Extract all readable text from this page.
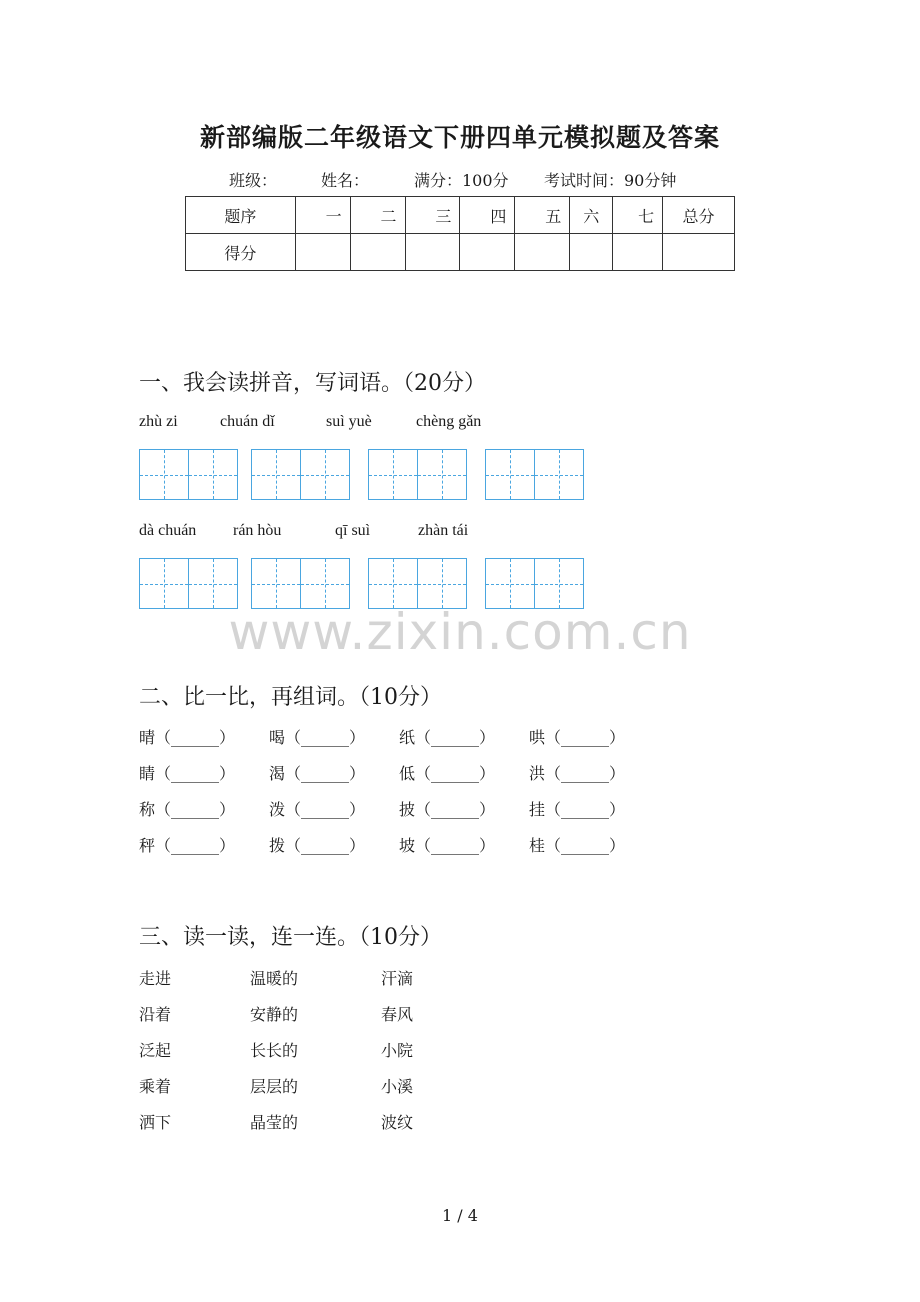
新部编版二年级语文下册四单元模拟题及答案
班级：	姓名：	满分：100分 考试时间：90分钟
题序	一	二	三	四	五	六	七	总分
得分								
一、我会读拼音，写词语。（20分）
zhù zi	chuán dǐ	suì yuè	chèng gǎn
dà chuán rán hòu	qī suì	zhàn tái
www.zixin.com.cn
二、比一比，再组词。（10分）
晴（______） 喝（______） 纸（______） 哄（______）
睛（______） 渴（______） 低（______） 洪（______）
称（______） 泼（______） 披（______） 挂（______）
秤（______） 拨（______） 坡（______） 桂（______）
三、读一读，连一连。（10分）
走进	温暖的	汗滴
沿着	安静的	春风
泛起	长长的	小院
乘着	层层的	小溪
洒下	晶莹的	波纹
1 / 4
